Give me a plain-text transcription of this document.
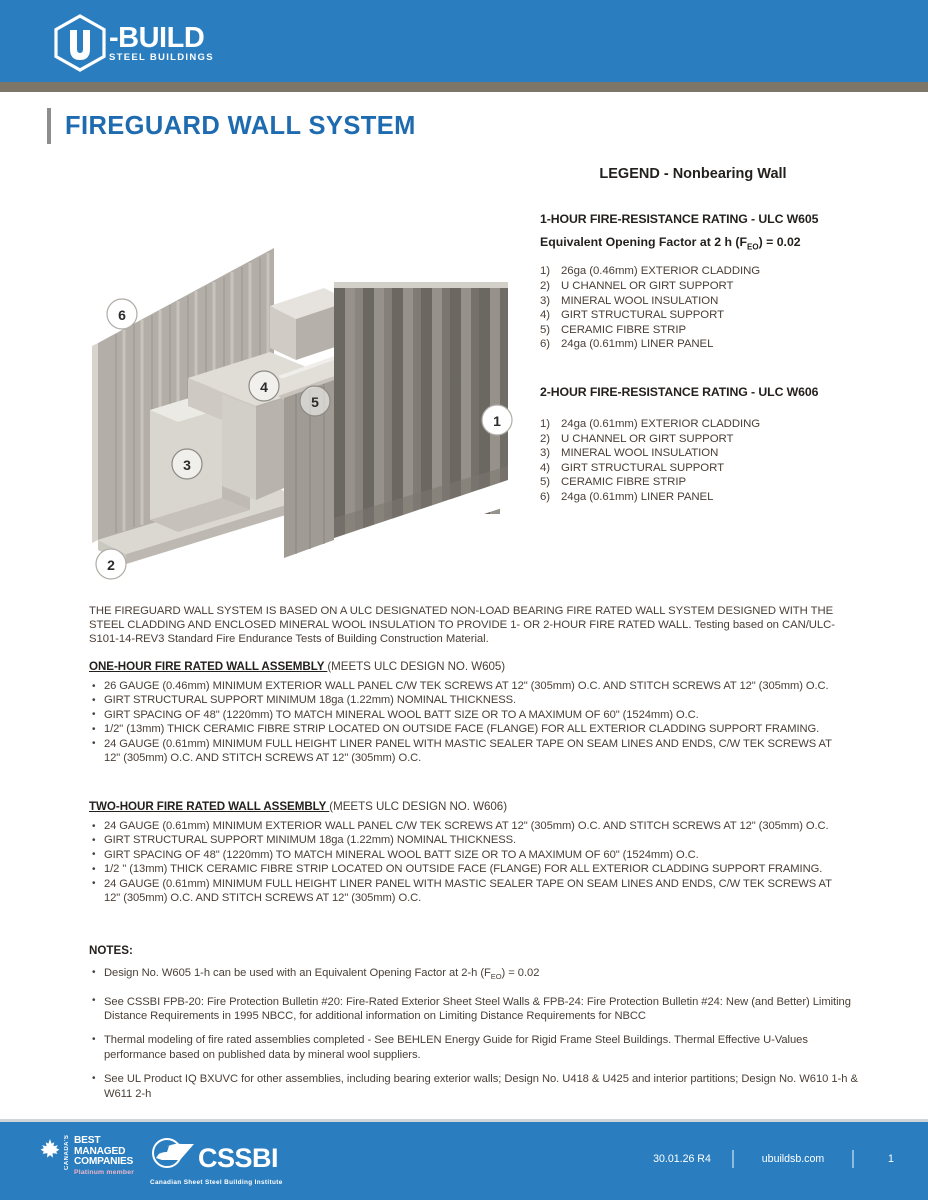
-BUILD
STEEL BUILDINGS
FIREGUARD WALL SYSTEM
6
4
5
1
3
2
LEGEND - Nonbearing Wall
1-HOUR FIRE-RESISTANCE RATING - ULC W605
Equivalent Opening Factor at 2 h $(F_{EO}) = 0.02$
1) 26ga (0.46mm) EXTERIOR CLADDING
2) U CHANNEL OR GIRT SUPPORT
3) MINERAL WOOL INSULATION
4) GIRT STRUCTURAL SUPPORT
5) CERAMIC FIBRE STRIP
6) 24ga (0.61mm) LINER PANEL
2-HOUR FIRE-RESISTANCE RATING - ULC W606
1) 24ga (0.61mm) EXTERIOR CLADDING
2) U CHANNEL OR GIRT SUPPORT
3) MINERAL WOOL INSULATION
4) GIRT STRUCTURAL SUPPORT
5) CERAMIC FIBRE STRIP
6) 24ga (0.61mm) LINER PANEL
THE FIREGUARD WALL SYSTEM IS BASED ON A ULC DESIGNATED NON-LOAD BEARING FIRE RATED WALL SYSTEM DESIGNED WITH THE STEEL CLADDING AND ENCLOSED MINERAL WOOL INSULATION TO PROVIDE 1- OR 2-HOUR FIRE RATED WALL. Testing based on CAN/ULC-S101-14-REV3 Standard Fire Endurance Tests of Building Construction Material.
ONE-HOUR FIRE RATED WALL ASSEMBLY (MEETS ULC DESIGN NO. W605)
• 26 GAUGE (0.46mm) MINIMUM EXTERIOR WALL PANEL C/W TEK SCREWS AT 12" (305mm) O.C. AND STITCH SCREWS AT 12" (305mm) O.C.
• GIRT STRUCTURAL SUPPORT MINIMUM 18ga (1.22mm) NOMINAL THICKNESS.
• GIRT SPACING OF 48" (1220mm) TO MATCH MINERAL WOOL BATT SIZE OR TO A MAXIMUM OF 60" (1524mm) O.C.
• 1/2" (13mm) THICK CERAMIC FIBRE STRIP LOCATED ON OUTSIDE FACE (FLANGE) FOR ALL EXTERIOR CLADDING SUPPORT FRAMING.
• 24 GAUGE (0.61mm) MINIMUM FULL HEIGHT LINER PANEL WITH MASTIC SEALER TAPE ON SEAM LINES AND ENDS, C/W TEK SCREWS AT 12" (305mm) O.C. AND STITCH SCREWS AT 12" (305mm) O.C.
TWO-HOUR FIRE RATED WALL ASSEMBLY (MEETS ULC DESIGN NO. W606)
• 24 GAUGE (0.61mm) MINIMUM EXTERIOR WALL PANEL C/W TEK SCREWS AT 12" (305mm) O.C. AND STITCH SCREWS AT 12" (305mm) O.C.
• GIRT STRUCTURAL SUPPORT MINIMUM 18ga (1.22mm) NOMINAL THICKNESS.
• GIRT SPACING OF 48" (1220mm) TO MATCH MINERAL WOOL BATT SIZE OR TO A MAXIMUM OF 60" (1524mm) O.C.
• 1/2 " (13mm) THICK CERAMIC FIBRE STRIP LOCATED ON OUTSIDE FACE (FLANGE) FOR ALL EXTERIOR CLADDING SUPPORT FRAMING.
• 24 GAUGE (0.61mm) MINIMUM FULL HEIGHT LINER PANEL WITH MASTIC SEALER TAPE ON SEAM LINES AND ENDS, C/W TEK SCREWS AT 12" (305mm) O.C. AND STITCH SCREWS AT 12" (305mm) O.C.
NOTES:
• Design No. W605 1-h can be used with an Equivalent Opening Factor at 2-h $(F_{EO}) = 0.02$
• See CSSBI FPB-20: Fire Protection Bulletin #20: Fire-Rated Exterior Sheet Steel Walls & FPB-24: Fire Protection Bulletin #24: New (and Better) Limiting Distance Requirements in 1995 NBCC, for additional information on Limiting Distance Requirements for NBCC
• Thermal modeling of fire rated assemblies completed - See BEHLEN Energy Guide for Rigid Frame Steel Buildings. Thermal Effective U-Values performance based on published data by mineral wool suppliers.
• See UL Product IQ BXUVC for other assemblies, including bearing exterior walls; Design No. U418 & U425 and interior partitions; Design No. W610 1-h & W611 2-h
CANADA'S BEST
MANAGED
COMPANIES
Platinum member CSSBI
Canadian Sheet Steel Building Institute
30.01.26 R4	ubuildsb.com	1
